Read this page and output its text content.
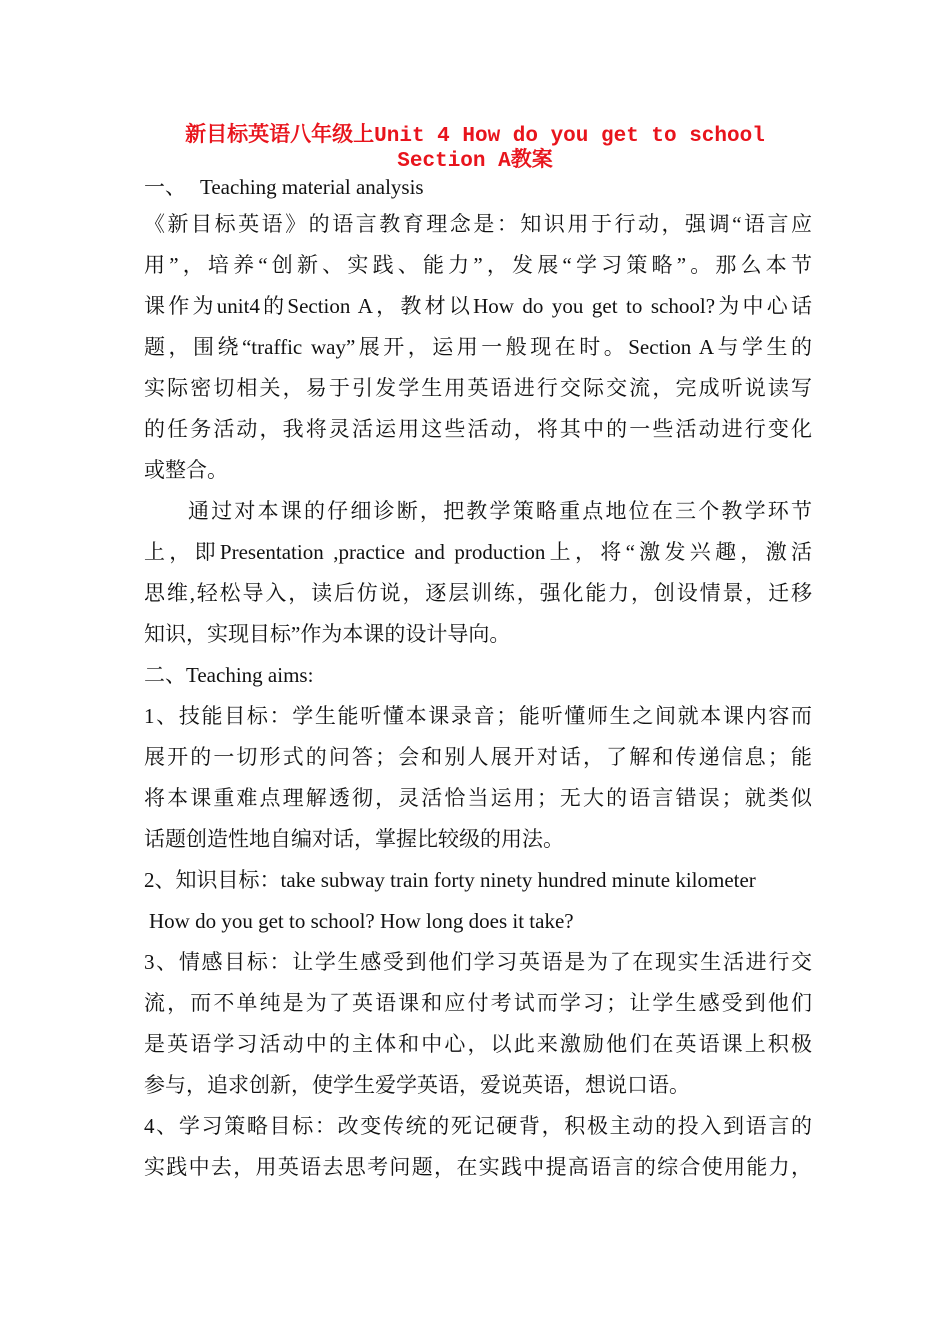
新目标英语八年级上Unit 4 How do you get to school
Section A教案
一、 Teaching material analysis
《新目标英语》的语言教育理念是：知识用于行动，强调“语言应
用”，培养“创新、实践、能力”，发展“学习策略”。那么本节
课作为unit4的Section A，教材以How do you get to school?为中心话
题，围绕“traffic way”展开，运用一般现在时。Section A与学生的
实际密切相关，易于引发学生用英语进行交际交流，完成听说读写
的任务活动，我将灵活运用这些活动，将其中的一些活动进行变化
或整合。
通过对本课的仔细诊断，把教学策略重点地位在三个教学环节
上，即Presentation ,practice and production上，将“激发兴趣，激活
思维,轻松导入，读后仿说，逐层训练，强化能力，创设情景，迁移
知识，实现目标”作为本课的设计导向。
二、Teaching aims:
1、技能目标：学生能听懂本课录音；能听懂师生之间就本课内容而
展开的一切形式的问答；会和别人展开对话，了解和传递信息；能
将本课重难点理解透彻，灵活恰当运用；无大的语言错误；就类似
话题创造性地自编对话，掌握比较级的用法。
2、知识目标：take subway train forty ninety hundred minute kilometer
How do you get to school? How long does it take?
3、情感目标：让学生感受到他们学习英语是为了在现实生活进行交
流，而不单纯是为了英语课和应付考试而学习；让学生感受到他们
是英语学习活动中的主体和中心，以此来激励他们在英语课上积极
参与，追求创新，使学生爱学英语，爱说英语，想说口语。
4、学习策略目标：改变传统的死记硬背，积极主动的投入到语言的
实践中去，用英语去思考问题，在实践中提高语言的综合使用能力，
